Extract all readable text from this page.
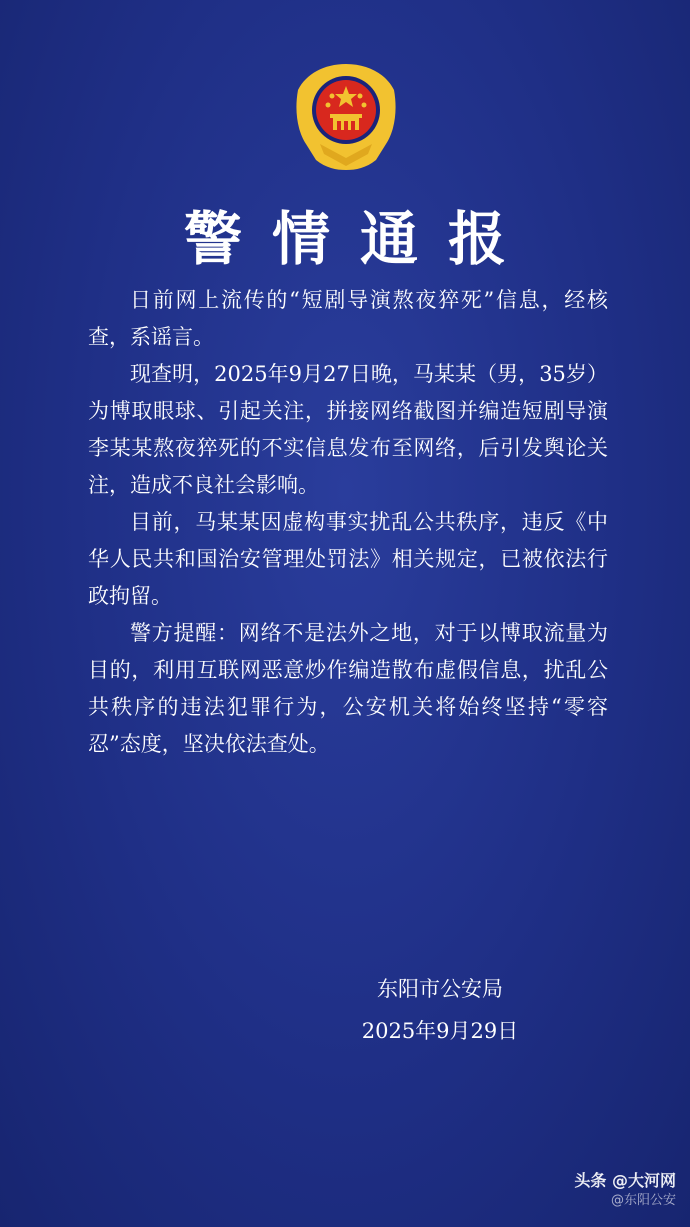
警情通报

日前网上流传的“短剧导演熬夜猝死”信息，经核查，系谣言。

现查明，2025年9月27日晚，马某某（男，35岁）为博取眼球、引起关注，拼接网络截图并编造短剧导演李某某熬夜猝死的不实信息发布至网络，后引发舆论关注，造成不良社会影响。

目前，马某某因虚构事实扰乱公共秩序，违反《中华人民共和国治安管理处罚法》相关规定，已被依法行政拘留。

警方提醒：网络不是法外之地，对于以博取流量为目的，利用互联网恶意炒作编造散布虚假信息，扰乱公共秩序的违法犯罪行为，公安机关将始终坚持“零容忍”态度，坚决依法查处。

东阳市公安局
2025年9月29日
头条 @大河网
@东阳公安
